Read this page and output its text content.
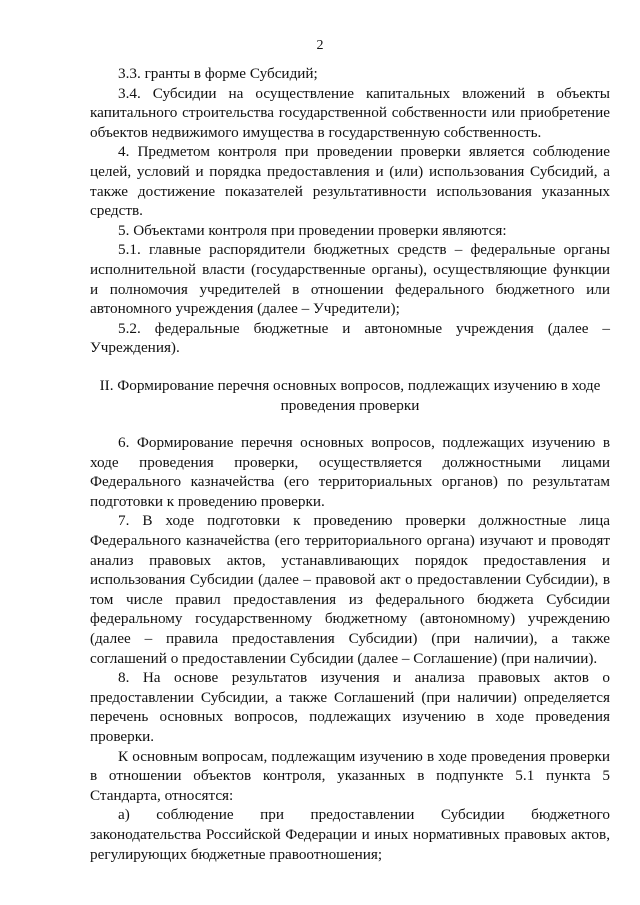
2

3.3. гранты в форме Субсидий;

3.4. Субсидии на осуществление капитальных вложений в объекты капитального строительства государственной собственности или приобретение объектов недвижимого имущества в государственную собственность.

4. Предметом контроля при проведении проверки является соблюдение целей, условий и порядка предоставления и (или) использования Субсидий, а также достижение показателей результативности использования указанных средств.

5. Объектами контроля при проведении проверки являются:

5.1. главные распорядители бюджетных средств – федеральные органы исполнительной власти (государственные органы), осуществляющие функции и полномочия учредителей в отношении федерального бюджетного или автономного учреждения (далее – Учредители);

5.2. федеральные бюджетные и автономные учреждения (далее – Учреждения).

II. Формирование перечня основных вопросов, подлежащих изучению в ходе проведения проверки

6. Формирование перечня основных вопросов, подлежащих изучению в ходе проведения проверки, осуществляется должностными лицами Федерального казначейства (его территориальных органов) по результатам подготовки к проведению проверки.

7. В ходе подготовки к проведению проверки должностные лица Федерального казначейства (его территориального органа) изучают и проводят анализ правовых актов, устанавливающих порядок предоставления и использования Субсидии (далее – правовой акт о предоставлении Субсидии), в том числе правил предоставления из федерального бюджета Субсидии федеральному государственному бюджетному (автономному) учреждению (далее – правила предоставления Субсидии) (при наличии), а также соглашений о предоставлении Субсидии (далее – Соглашение) (при наличии).

8. На основе результатов изучения и анализа правовых актов о предоставлении Субсидии, а также Соглашений (при наличии) определяется перечень основных вопросов, подлежащих изучению в ходе проведения проверки.

К основным вопросам, подлежащим изучению в ходе проведения проверки в отношении объектов контроля, указанных в подпункте 5.1 пункта 5 Стандарта, относятся:

а) соблюдение при предоставлении Субсидии бюджетного законодательства Российской Федерации и иных нормативных правовых актов, регулирующих бюджетные правоотношения;
